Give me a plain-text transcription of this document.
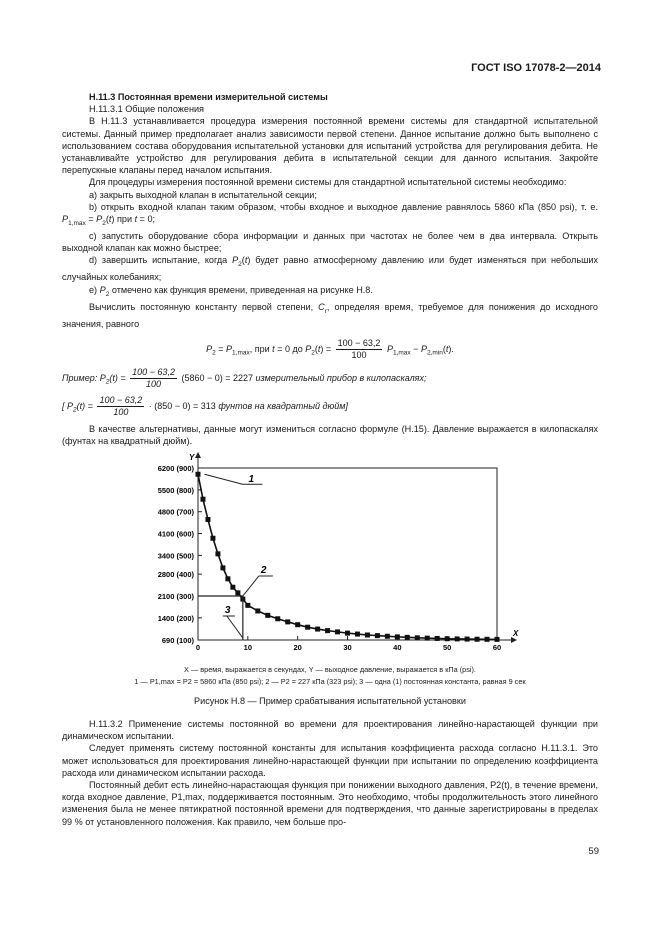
ГОСТ ISO 17078-2—2014

Н.11.3 Постоянная времени измерительной системы

Н.11.3.1 Общие положения

В Н.11.3 устанавливается процедура измерения постоянной времени системы для стандартной испытательной системы. Данный пример предполагает анализ зависимости первой степени. Данное испытание должно быть выполнено с использованием состава оборудования испытательной установки для испытаний устройства для регулирования дебита. Не устанавливайте устройство для регулирования дебита в испытательной секции для данного испытания. Закройте перепускные клапаны перед началом испытания.

Для процедуры измерения постоянной времени системы для стандартной испытательной системы необходимо:

а) закрыть выходной клапан в испытательной секции;

b) открыть входной клапан таким образом, чтобы входное и выходное давление равнялось 5860 кПа (850 psi), т. е. $P_{1,max} = P_2(t)$ при t = 0;

c) запустить оборудование сбора информации и данных при частотах не более чем в два интервала. Открыть выходной клапан как можно быстрее;

d) завершить испытание, когда $P_2(t)$ будет равно атмосферному давлению или будет изменяться при небольших случайных колебаниях;

e) $P_2$ отмечено как функция времени, приведенная на рисунке Н.8.

Вычислить постоянную константу первой степени, $C_r$, определяя время, требуемое для понижения до исходного значения, равного

$P_2 = P_{1,max}$, при t = 0 до $P_2(t) = \frac{100 - 63,2}{100} P_{1,max} - P_{2,min}(t)$.
Пример: $P_2(t) = \frac{100 - 63,2}{100} (5860 - 0) = 2227$ измерительный прибор в килопаскалях;
[ $P_2(t) = \frac{100 - 63,2}{100} \cdot (850 - 0) = 313$ фунтов на квадратный дюйм]

В качестве альтернативы, данные могут измениться согласно формуле (Н.15). Давление выражается в килопаскалях (фунтах на квадратный дюйм).

X
Y
6200 (900)
5500 (800)
4800 (700)
4100 (600)
3400 (500)
2800 (400)
2100 (300)
1400 (200)
690 (100)
0	10	20	30	40	50	60
1
2
3
X — время, выражается в секундах, Y — выходное давление, выражается в кПа (psi).
1 — P1,max = P2 = 5860 кПа (850 psi); 2 — P2 = 227 кПа (323 psi); 3 — одна (1) постоянная константа, равная 9 сек
Рисунок Н.8 — Пример срабатывания испытательной установки

Н.11.3.2 Применение системы постоянной во времени для проектирования линейно-нарастающей функции при динамическом испытании.

Следует применять систему постоянной константы для испытания коэффициента расхода согласно Н.11.3.1. Это может использоваться для проектирования линейно-нарастающей функции при испытании по определению коэффициента расхода или динамическом испытании расхода.

Постоянный дебит есть линейно-нарастающая функция при понижении выходного давления, P2(t), в течение времени, когда входное давление, P1,max, поддерживается постоянным. Это необходимо, чтобы продолжительность этого линейного изменения была не менее пятикратной постоянной времени для подтверждения, что данные зарегистрированы в пределах 99 % от установленного положения. Как правило, чем больше про-

59
